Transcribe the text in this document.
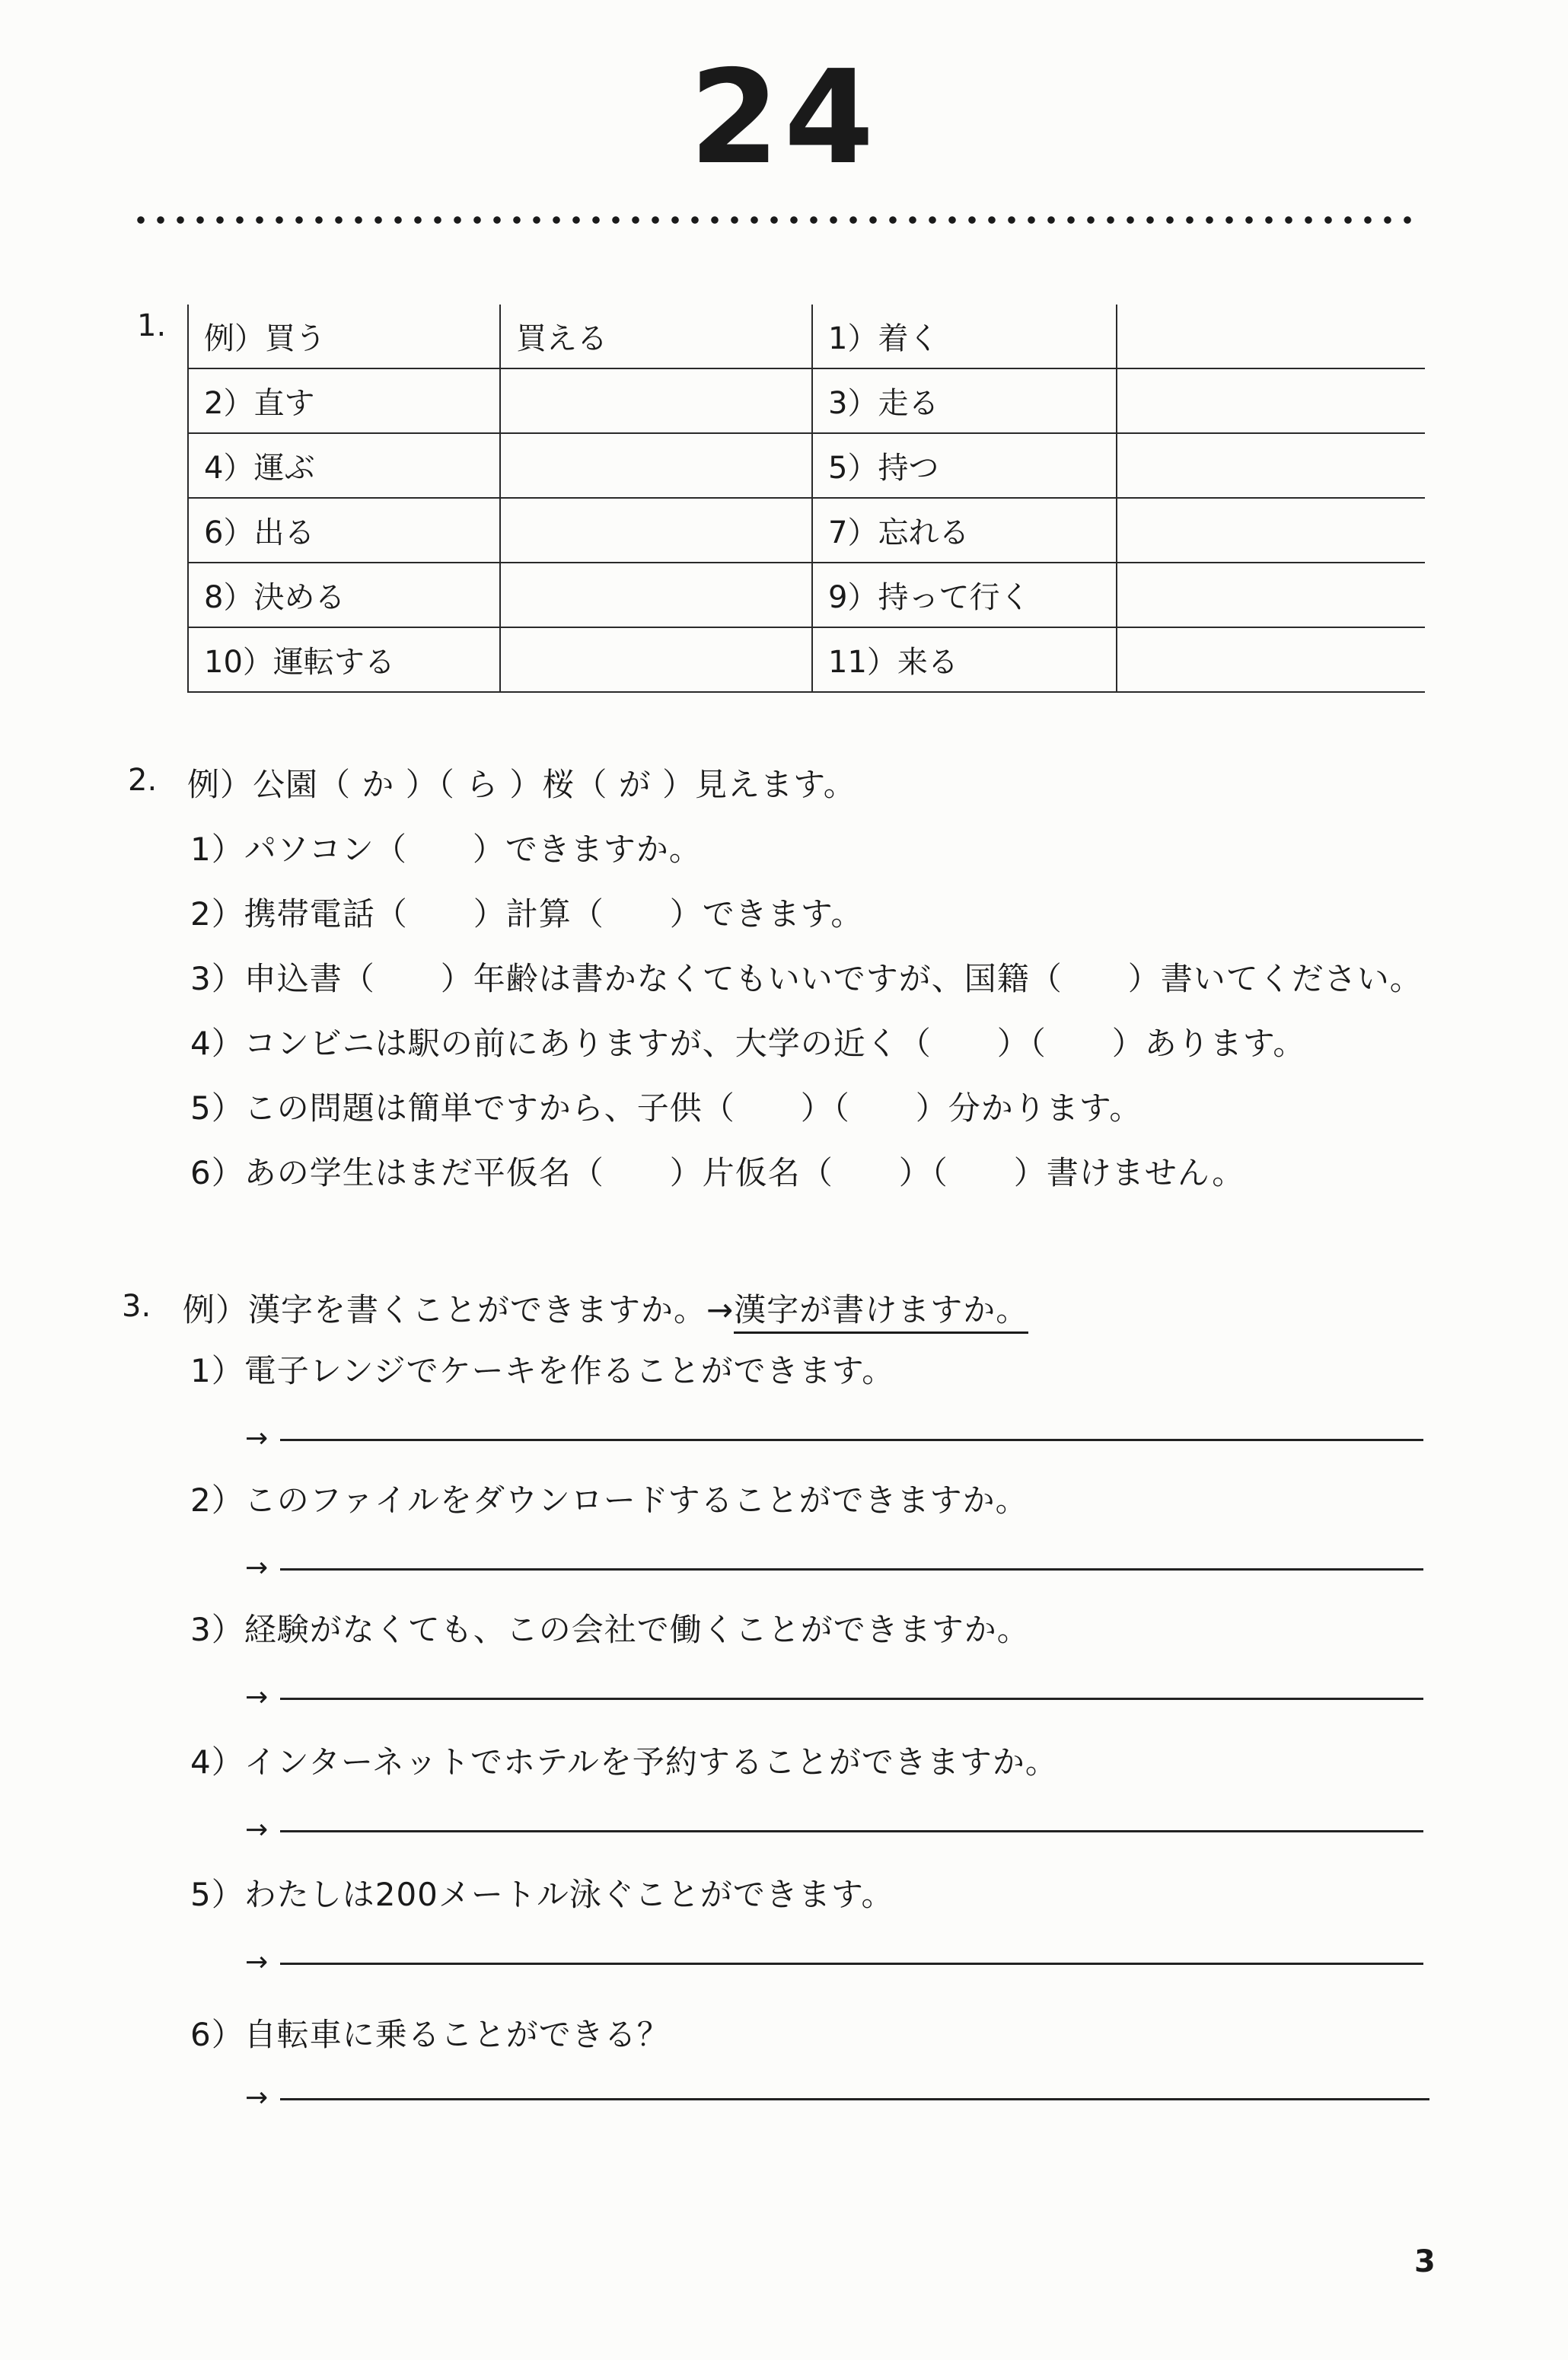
24
1. 例）買う	買える	1）着く	
2）直す		3）走る	
4）運ぶ		5）持つ	
6）出る		7）忘れる	
8）決める		9）持って行く	
10）運転する		11）来る	
2. 例）公園（ か ）（ ら ）桜（ が ）見えます。
1）パソコン（　　）できますか。
2）携帯電話（　　）計算（　　）できます。
3）申込書（　　）年齢は書かなくてもいいですが、国籍（　　）書いてください。
4）コンビニは駅の前にありますが、大学の近く（　　）（　　）あります。
5）この問題は簡単ですから、子供（　　）（　　）分かります。
6）あの学生はまだ平仮名（　　）片仮名（　　）（　　）書けません。
3. 例）漢字を書くことができますか。→漢字が書けますか。
1）電子レンジでケーキを作ることができます。
→
2）このファイルをダウンロードすることができますか。
→
3）経験がなくても、この会社で働くことができますか。
→
4）インターネットでホテルを予約することができますか。
→
5）わたしは200メートル泳ぐことができます。
→
6）自転車に乗ることができる？
→
3
